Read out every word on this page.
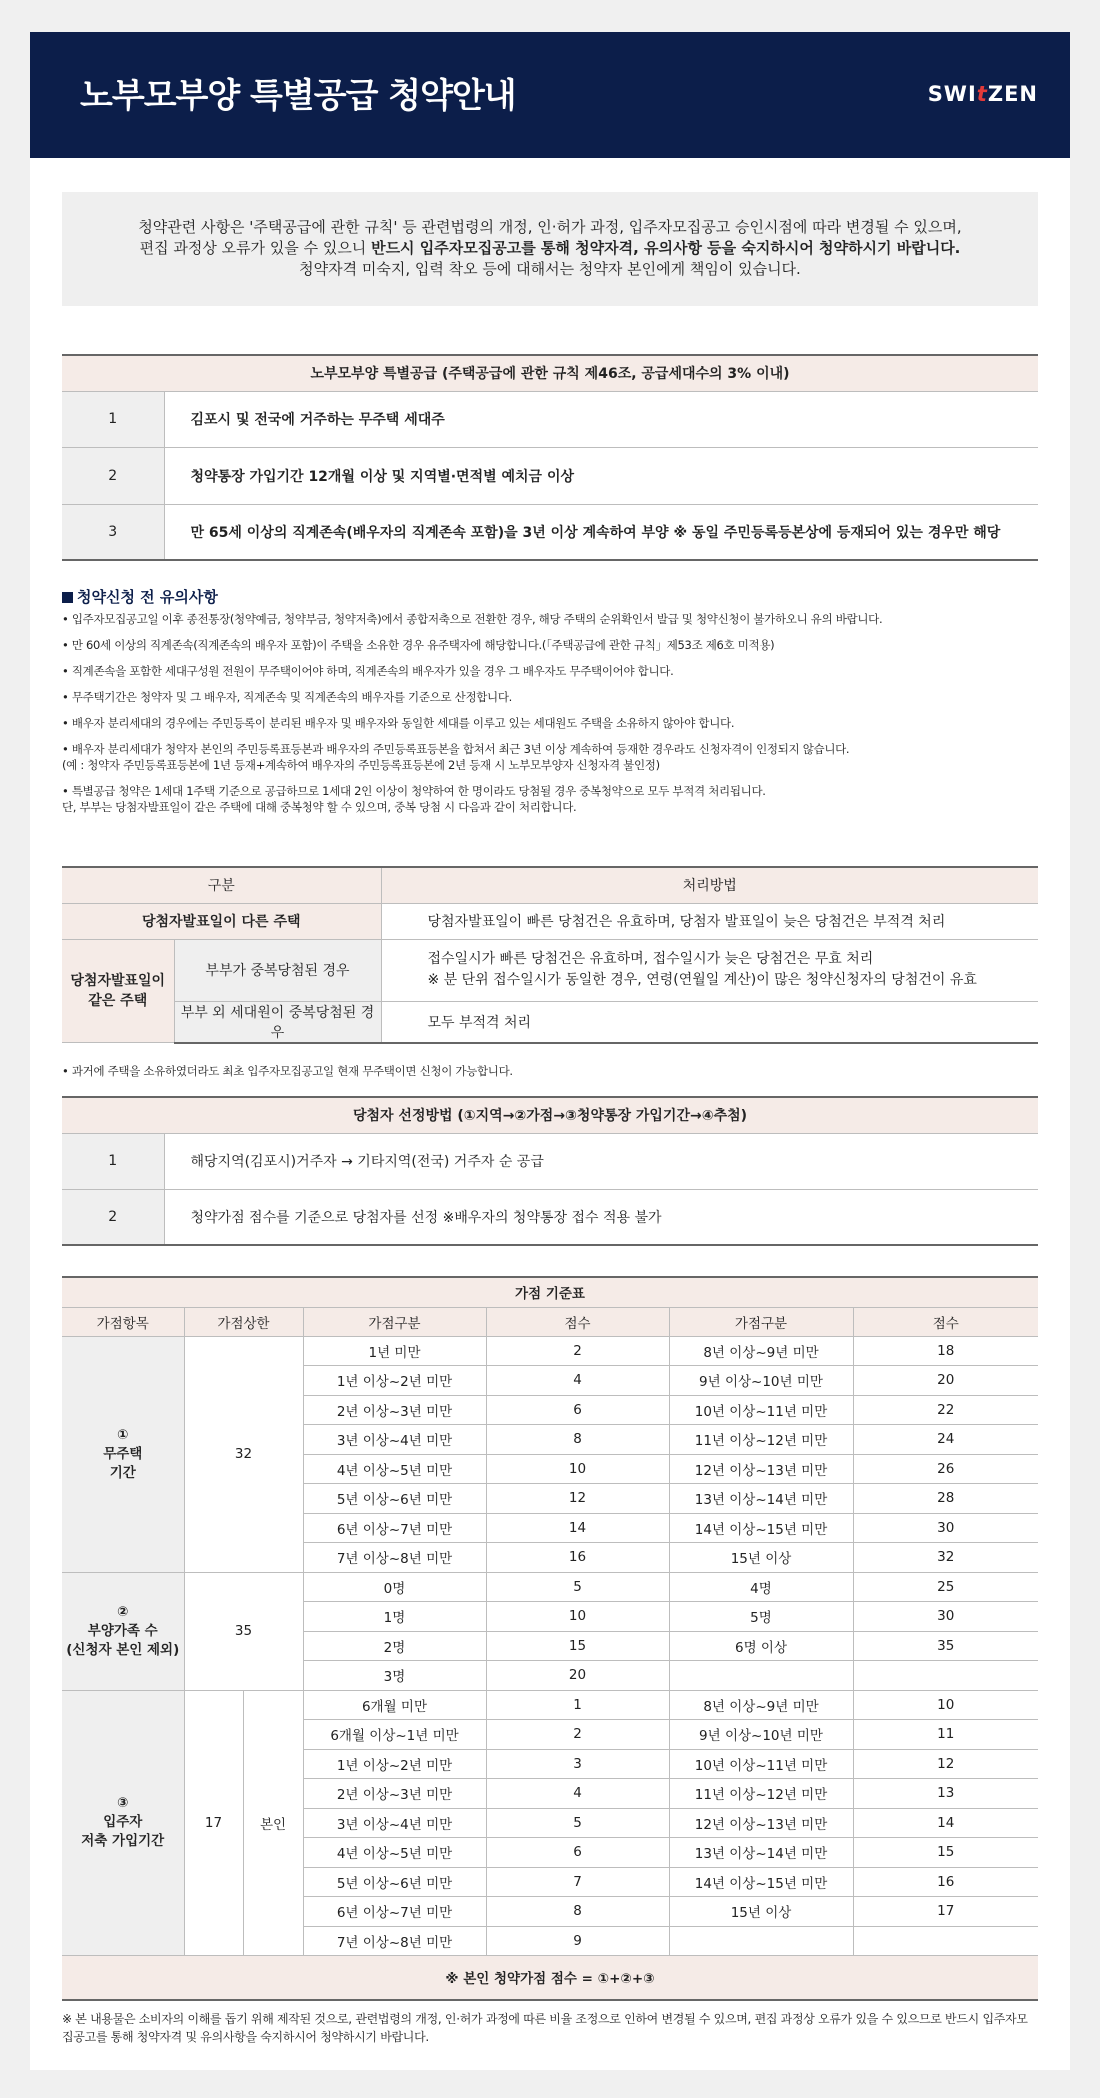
노부모부양 특별공급 청약안내	SWItZEN
청약관련 사항은 '주택공급에 관한 규칙' 등 관련법령의 개정, 인·허가 과정, 입주자모집공고 승인시점에 따라 변경될 수 있으며,
편집 과정상 오류가 있을 수 있으니 반드시 입주자모집공고를 통해 청약자격, 유의사항 등을 숙지하시어 청약하시기 바랍니다.
청약자격 미숙지, 입력 착오 등에 대해서는 청약자 본인에게 책임이 있습니다.
노부모부양 특별공급 (주택공급에 관한 규칙 제46조, 공급세대수의 3% 이내)	
1	김포시 및 전국에 거주하는 무주택 세대주
2	청약통장 가입기간 12개월 이상 및 지역별·면적별 예치금 이상
3	만 65세 이상의 직계존속(배우자의 직계존속 포함)을 3년 이상 계속하여 부양 ※ 동일 주민등록등본상에 등재되어 있는 경우만 해당
청약신청 전 유의사항

• 입주자모집공고일 이후 종전통장(청약예금, 청약부금, 청약저축)에서 종합저축으로 전환한 경우, 해당 주택의 순위확인서 발급 및 청약신청이 불가하오니 유의 바랍니다.

• 만 60세 이상의 직계존속(직계존속의 배우자 포함)이 주택을 소유한 경우 유주택자에 해당합니다.(「주택공급에 관한 규칙」제53조 제6호 미적용)

• 직계존속을 포함한 세대구성원 전원이 무주택이어야 하며, 직계존속의 배우자가 있을 경우 그 배우자도 무주택이어야 합니다.

• 무주택기간은 청약자 및 그 배우자, 직계존속 및 직계존속의 배우자를 기준으로 산정합니다.

• 배우자 분리세대의 경우에는 주민등록이 분리된 배우자 및 배우자와 동일한 세대를 이루고 있는 세대원도 주택을 소유하지 않아야 합니다.

• 배우자 분리세대가 청약자 본인의 주민등록표등본과 배우자의 주민등록표등본을 합쳐서 최근 3년 이상 계속하여 등재한 경우라도 신청자격이 인정되지 않습니다.
(예 : 청약자 주민등록표등본에 1년 등재+계속하여 배우자의 주민등록표등본에 2년 등재 시 노부모부양자 신청자격 불인정)

• 특별공급 청약은 1세대 1주택 기준으로 공급하므로 1세대 2인 이상이 청약하여 한 명이라도 당첨될 경우 중복청약으로 모두 부적격 처리됩니다.
단, 부부는 당첨자발표일이 같은 주택에 대해 중복청약 할 수 있으며, 중복 당첨 시 다음과 같이 처리합니다.

구분		처리방법
당첨자발표일이 다른 주택		당첨자발표일이 빠른 당첨건은 유효하며, 당첨자 발표일이 늦은 당첨건은 부적격 처리
당첨자발표일이
같은 주택	부부가 중복당첨된 경우	접수일시가 빠른 당첨건은 유효하며, 접수일시가 늦은 당첨건은 무효 처리
※ 분 단위 접수일시가 동일한 경우, 연령(연월일 계산)이 많은 청약신청자의 당첨건이 유효
	부부 외 세대원이 중복당첨된 경우	모두 부적격 처리
• 과거에 주택을 소유하였더라도 최초 입주자모집공고일 현재 무주택이면 신청이 가능합니다.
당첨자 선정방법 (①지역→②가점→③청약통장 가입기간→④추첨)	
1	해당지역(김포시)거주자 → 기타지역(전국) 거주자 순 공급
2	청약가점 점수를 기준으로 당첨자를 선정 ※배우자의 청약통장 접수 적용 불가
가점 기준표						
가점항목	가점상한		가점구분	점수	가점구분	점수
①
무주택
기간	32		1년 미만	2	8년 이상~9년 미만	18
			1년 이상~2년 미만	4	9년 이상~10년 미만	20
			2년 이상~3년 미만	6	10년 이상~11년 미만	22
			3년 이상~4년 미만	8	11년 이상~12년 미만	24
			4년 이상~5년 미만	10	12년 이상~13년 미만	26
			5년 이상~6년 미만	12	13년 이상~14년 미만	28
			6년 이상~7년 미만	14	14년 이상~15년 미만	30
			7년 이상~8년 미만	16	15년 이상	32
②
부양가족 수
(신청자 본인 제외)	35		0명	5	4명	25
			1명	10	5명	30
			2명	15	6명 이상	35
			3명	20		
③
입주자
저축 가입기간	17	본인	6개월 미만	1	8년 이상~9년 미만	10
			6개월 이상~1년 미만	2	9년 이상~10년 미만	11
			1년 이상~2년 미만	3	10년 이상~11년 미만	12
			2년 이상~3년 미만	4	11년 이상~12년 미만	13
			3년 이상~4년 미만	5	12년 이상~13년 미만	14
			4년 이상~5년 미만	6	13년 이상~14년 미만	15
			5년 이상~6년 미만	7	14년 이상~15년 미만	16
			6년 이상~7년 미만	8	15년 이상	17
			7년 이상~8년 미만	9		
※ 본인 청약가점 점수 = ①+②+③						
※ 본 내용물은 소비자의 이해를 돕기 위해 제작된 것으로, 관련법령의 개정, 인·허가 과정에 따른 비율 조정으로 인하여 변경될 수 있으며, 편집 과정상 오류가 있을 수 있으므로 반드시 입주자모집공고를 통해 청약자격 및 유의사항을 숙지하시어 청약하시기 바랍니다.
